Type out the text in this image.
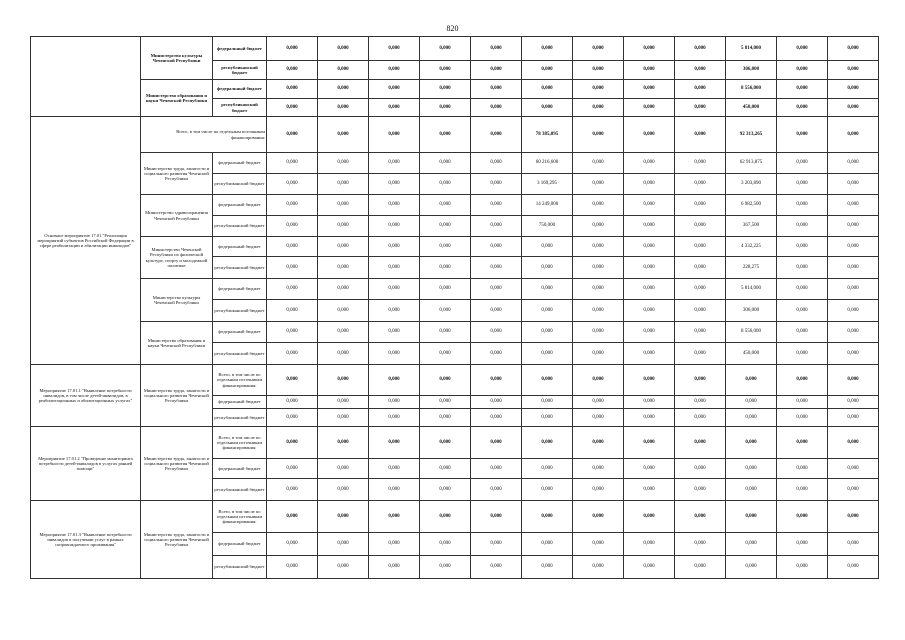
820
	Министерство культуры Чеченской Республики	федеральный бюджет	0,000	0,000	0,000	0,000	0,000	0,000	0,000	0,000	0,000	5 814,000	0,000	0,000
		республиканский бюджет	0,000	0,000	0,000	0,000	0,000	0,000	0,000	0,000	0,000	306,000	0,000	0,000
	Министерство образования и науки Чеченской Республики	федеральный бюджет	0,000	0,000	0,000	0,000	0,000	0,000	0,000	0,000	0,000	8 556,000	0,000	0,000
		республиканский бюджет	0,000	0,000	0,000	0,000	0,000	0,000	0,000	0,000	0,000	450,000	0,000	0,000
Основное мероприятие 17.01 "Реализация мероприятий субъектов Российской Федерации в сфере реабилитации и абилитации инвалидов"	Всего, в том числе по отдельным источникам финансирования:		0,000	0,000	0,000	0,000	0,000	78 385,095	0,000	0,000	0,000	92 313,265	0,000	0,000
	Министерство труда, занятости и социального развития Чеченской Республики	федеральный бюджет	0,000	0,000	0,000	0,000	0,000	60 216,600	0,000	0,000	0,000	62 913,875	0,000	0,000
		республиканский бюджет	0,000	0,000	0,000	0,000	0,000	3 169,295	0,000	0,000	0,000	3 203,890	0,000	0,000
	Министерство здравоохранения Чеченской Республики	федеральный бюджет	0,000	0,000	0,000	0,000	0,000	14 249,000	0,000	0,000	0,000	6 982,500	0,000	0,000
		республиканский бюджет	0,000	0,000	0,000	0,000	0,000	750,000	0,000	0,000	0,000	367,500	0,000	0,000
	Министерство Чеченской Республики по физической культуре, спорту и молодежной политике	федеральный бюджет	0,000	0,000	0,000	0,000	0,000	0,000	0,000	0,000	0,000	4 332,225	0,000	0,000
		республиканский бюджет	0,000	0,000	0,000	0,000	0,000	0,000	0,000	0,000	0,000	228,275	0,000	0,000
	Министерство культуры Чеченской Республики	федеральный бюджет	0,000	0,000	0,000	0,000	0,000	0,000	0,000	0,000	0,000	5 814,000	0,000	0,000
		республиканский бюджет	0,000	0,000	0,000	0,000	0,000	0,000	0,000	0,000	0,000	306,000	0,000	0,000
	Министерство образования и науки Чеченской Республики	федеральный бюджет	0,000	0,000	0,000	0,000	0,000	0,000	0,000	0,000	0,000	8 556,000	0,000	0,000
		республиканский бюджет	0,000	0,000	0,000	0,000	0,000	0,000	0,000	0,000	0,000	450,000	0,000	0,000
Мероприятие 17.01.1 "Выявление потребности инвалидов, в том числе детей-инвалидов, в реабилитационных и абилитационных услугах"	Министерство труда, занятости и социального развития Чеченской Республики	Всего, в том числе по отдельным источникам финансирования:	0,000	0,000	0,000	0,000	0,000	0,000	0,000	0,000	0,000	0,000	0,000	0,000
		федеральный бюджет	0,000	0,000	0,000	0,000	0,000	0,000	0,000	0,000	0,000	0,000	0,000	0,000
		республиканский бюджет	0,000	0,000	0,000	0,000	0,000	0,000	0,000	0,000	0,000	0,000	0,000	0,000
Мероприятие 17.01.2 "Проведение мониторинга потребности детей-инвалидов в услугах ранней помощи"	Министерство труда, занятости и социального развития Чеченской Республики	Всего, в том числе по отдельным источникам финансирования:	0,000	0,000	0,000	0,000	0,000	0,000	0,000	0,000	0,000	0,000	0,000	0,000
		федеральный бюджет	0,000	0,000	0,000	0,000	0,000	0,000	0,000	0,000	0,000	0,000	0,000	0,000
		республиканский бюджет	0,000	0,000	0,000	0,000	0,000	0,000	0,000	0,000	0,000	0,000	0,000	0,000
Мероприятие 17.01.3 "Выявление потребности инвалидов в получении услуг в рамках сопровождаемого проживания"	Министерство труда, занятости и социального развития Чеченской Республики	Всего, в том числе по отдельным источникам финансирования:	0,000	0,000	0,000	0,000	0,000	0,000	0,000	0,000	0,000	0,000	0,000	0,000
		федеральный бюджет	0,000	0,000	0,000	0,000	0,000	0,000	0,000	0,000	0,000	0,000	0,000	0,000
		республиканский бюджет	0,000	0,000	0,000	0,000	0,000	0,000	0,000	0,000	0,000	0,000	0,000	0,000
